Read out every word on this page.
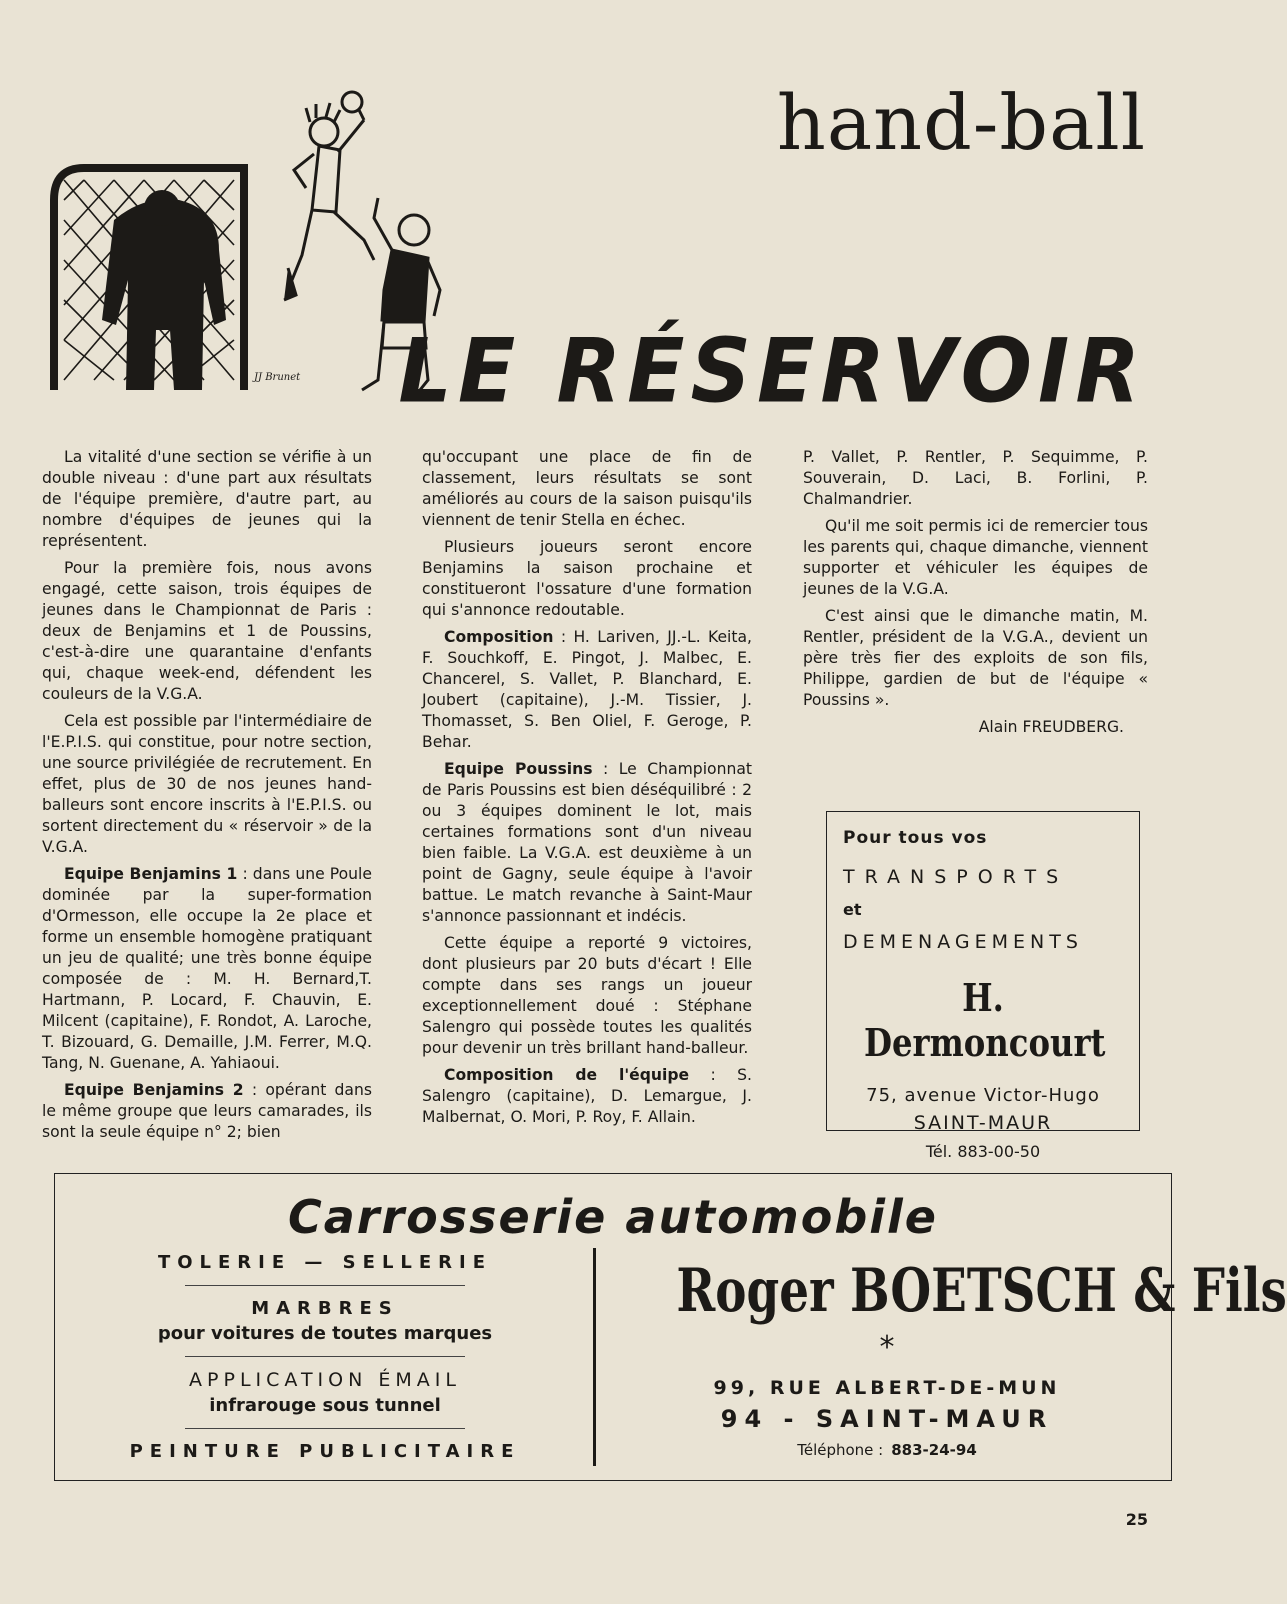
JJ Brunet
hand-ball
LE RÉSERVOIR

La vitalité d'une section se vérifie à un double niveau : d'une part aux résultats de l'équipe première, d'autre part, au nombre d'équipes de jeunes qui la représentent.

Pour la première fois, nous avons engagé, cette saison, trois équipes de jeunes dans le Championnat de Paris : deux de Benjamins et 1 de Poussins, c'est-à-dire une quarantaine d'enfants qui, chaque week-end, défendent les couleurs de la V.G.A.

Cela est possible par l'intermédiaire de l'E.P.I.S. qui constitue, pour notre section, une source privilégiée de recrutement. En effet, plus de 30 de nos jeunes hand-balleurs sont encore inscrits à l'E.P.I.S. ou sortent directement du « réservoir » de la V.G.A.

Equipe Benjamins 1 : dans une Poule dominée par la super-formation d'Ormesson, elle occupe la 2e place et forme un ensemble homogène pratiquant un jeu de qualité; une très bonne équipe composée de : M. H. Bernard,T. Hartmann, P. Locard, F. Chauvin, E. Milcent (capitaine), F. Rondot, A. Laroche, T. Bizouard, G. Demaille, J.M. Ferrer, M.Q. Tang, N. Guenane, A. Yahiaoui.

Equipe Benjamins 2 : opérant dans le même groupe que leurs camarades, ils sont la seule équipe n° 2; bien

qu'occupant une place de fin de classement, leurs résultats se sont améliorés au cours de la saison puisqu'ils viennent de tenir Stella en échec.

Plusieurs joueurs seront encore Benjamins la saison prochaine et constitueront l'ossature d'une formation qui s'annonce redoutable.

Composition : H. Lariven, JJ.-L. Keita, F. Souchkoff, E. Pingot, J. Malbec, E. Chancerel, S. Vallet, P. Blanchard, E. Joubert (capitaine), J.-M. Tissier, J. Thomasset, S. Ben Oliel, F. Geroge, P. Behar.

Equipe Poussins : Le Championnat de Paris Poussins est bien déséquilibré : 2 ou 3 équipes dominent le lot, mais certaines formations sont d'un niveau bien faible. La V.G.A. est deuxième à un point de Gagny, seule équipe à l'avoir battue. Le match revanche à Saint-Maur s'annonce passionnant et indécis.

Cette équipe a reporté 9 victoires, dont plusieurs par 20 buts d'écart ! Elle compte dans ses rangs un joueur exceptionnellement doué : Stéphane Salengro qui possède toutes les qualités pour devenir un très brillant hand-balleur.

Composition de l'équipe : S. Salengro (capitaine), D. Lemargue, J. Malbernat, O. Mori, P. Roy, F. Allain.

P. Vallet, P. Rentler, P. Sequimme, P. Souverain, D. Laci, B. Forlini, P. Chalmandrier.

Qu'il me soit permis ici de remercier tous les parents qui, chaque dimanche, viennent supporter et véhiculer les équipes de jeunes de la V.G.A.

C'est ainsi que le dimanche matin, M. Rentler, président de la V.G.A., devient un père très fier des exploits de son fils, Philippe, gardien de but de l'équipe « Poussins ».

Alain FREUDBERG.

Pour tous vos
TRANSPORTS
et
DEMENAGEMENTS
H. Dermoncourt
75, avenue Victor-Hugo
SAINT-MAUR
Tél. 883-00-50
Carrosserie automobile
TOLERIE — SELLERIE
MARBRES
pour voitures de toutes marques
APPLICATION ÉMAIL
infrarouge sous tunnel
PEINTURE PUBLICITAIRE
Roger BOETSCH & Fils
*
99, RUE ALBERT-DE-MUN
94 - SAINT-MAUR
Téléphone : 883-24-94
25
